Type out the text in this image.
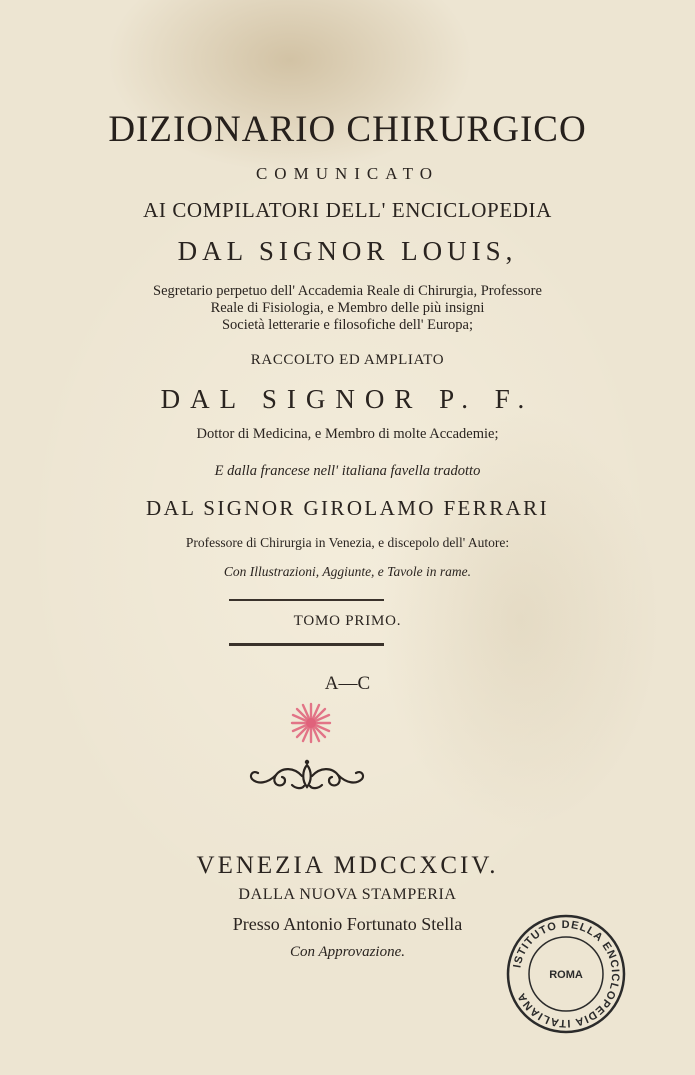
DIZIONARIO CHIRURGICO
COMUNICATO
AI COMPILATORI DELL' ENCICLOPEDIA
DAL SIGNOR LOUIS,
Segretario perpetuo dell' Accademia Reale di Chirurgia, Professore
Reale di Fisiologia, e Membro delle più insigni
Società letterarie e filosofiche dell' Europa;
RACCOLTO ED AMPLIATO
DAL SIGNOR P. F.
Dottor di Medicina, e Membro di molte Accademie;
E dalla francese nell' italiana favella tradotto
DAL SIGNOR GIROLAMO FERRARI
Professore di Chirurgia in Venezia, e discepolo dell' Autore:
Con Illustrazioni, Aggiunte, e Tavole in rame.
TOMO PRIMO.
A—C
VENEZIA MDCCXCIV.
DALLA NUOVA STAMPERIA
Presso Antonio Fortunato Stella
Con Approvazione.
ISTITUTO DELLA ENCICLOPEDIA ITALIANA
ROMA
